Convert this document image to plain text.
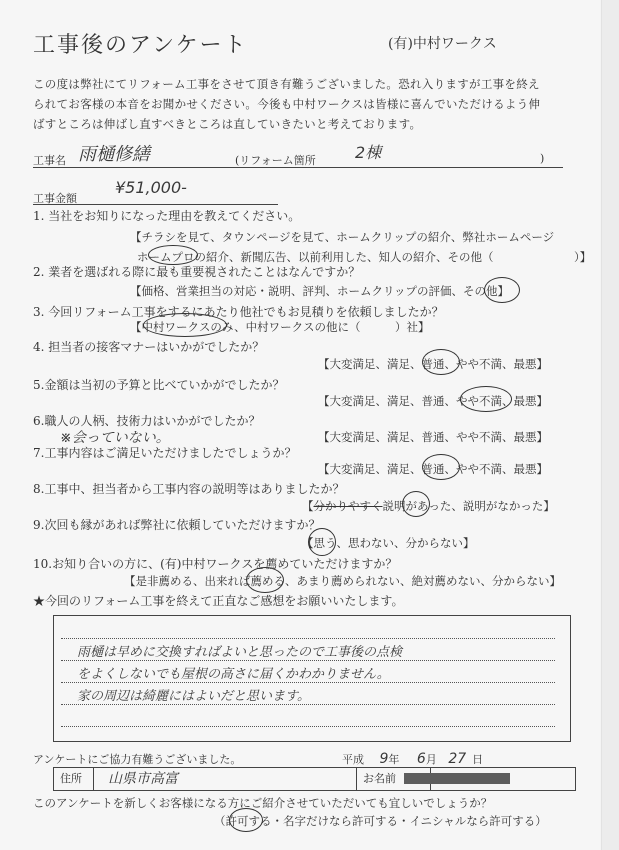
工事後のアンケート	(有)中村ワークス
この度は弊社にてリフォーム工事をさせて頂き有難うございました。恐れ入りますが工事を終え
られてお客様の本音をお聞かせください。今後も中村ワークスは皆様に喜んでいただけるよう伸
ばすところは伸ばし直すべきところは直していきたいと考えております。
工事名 雨樋修繕	(リフォーム箇所 2棟	)
工事金額
¥51,000-
1. 当社をお知りになった理由を教えてください。
【チラシを見て、タウンページを見て、ホームクリップの紹介、弊社ホームページ
ホームプロの紹介、新聞広告、以前利用した、知人の紹介、その他（　　　　　　　）】
2. 業者を選ばれる際に最も重要視されたことはなんですか？
【価格、営業担当の対応・説明、評判、ホームクリップの評価、その他】
3. 今回リフォーム工事をするにあたり他社でもお見積りを依頼しましたか？
【中村ワークスのみ、中村ワークスの他に（　　　）社】
4. 担当者の接客マナーはいかがでしたか？
【大変満足、満足、普通、やや不満、最悪】
5.金額は当初の予算と比べていかがでしたか？
【大変満足、満足、普通、やや不満、最悪】
6.職人の人柄、技術力はいかがでしたか？
※会っていない。	【大変満足、満足、普通、やや不満、最悪】
7.工事内容はご満足いただけましたでしょうか？
【大変満足、満足、普通、やや不満、最悪】
8.工事中、担当者から工事内容の説明等はありましたか？
【分かりやすく説明があった、説明がなかった】
9.次回も縁があれば弊社に依頼していただけますか？
【思う、思わない、分からない】
10.お知り合いの方に、(有)中村ワークスを薦めていただけますか？
【是非薦める、出来れば薦める、あまり薦められない、絶対薦めない、分からない】
★今回のリフォーム工事を終えて正直なご感想をお願いいたします。
雨樋は早めに交換すればよいと思ったので工事後の点検
をよくしないでも屋根の高さに届くかわかりません。
家の周辺は綺麗にはよいだと思います。
アンケートにご協力有難うございました。	平成 9年 6月 27 日
住所	山県市高富	お名前
このアンケートを新しくお客様になる方にご紹介させていただいても宜しいでしょうか？
（許可する・名字だけなら許可する・イニシャルなら許可する）
